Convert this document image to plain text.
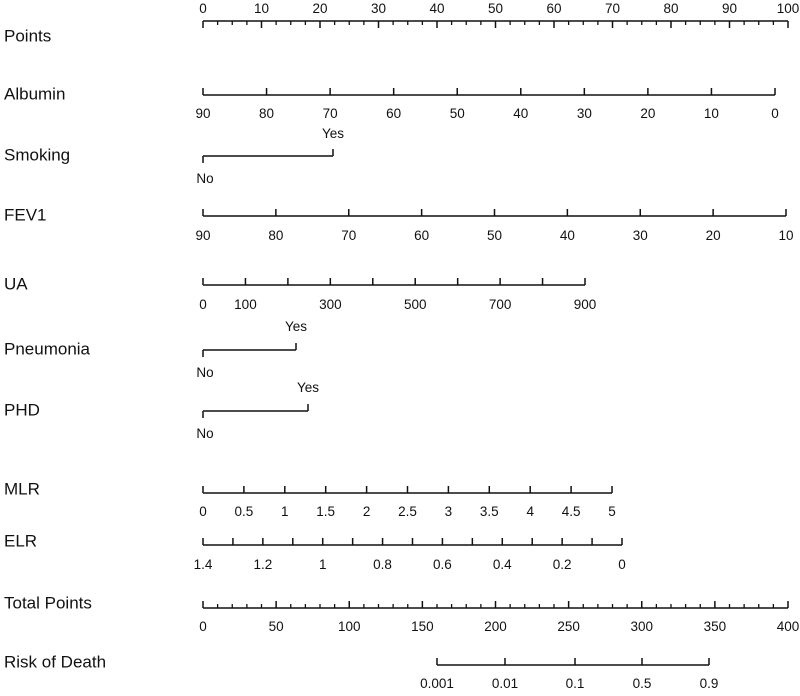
Points
0	10	20	30	40	50	60	70	80	90	100
Albumin
90	80	70	60	50	40	30	20	10	0
Smoking
No
Yes
FEV1
90	80	70	60	50	40	30	20	10
UA
0 100	300	500	700	900
Pneumonia
No
Yes
PHD
No
Yes
MLR
0 0.5 1 1.5 2 2.5 3 3.5 4 4.5 5
ELR
1.4	1.2	1	0.8	0.6	0.4	0.2	0
Total Points
0	50	100	150	200	250	300	350	400
Risk of Death
0.001	0.01	0.1	0.5	0.9
